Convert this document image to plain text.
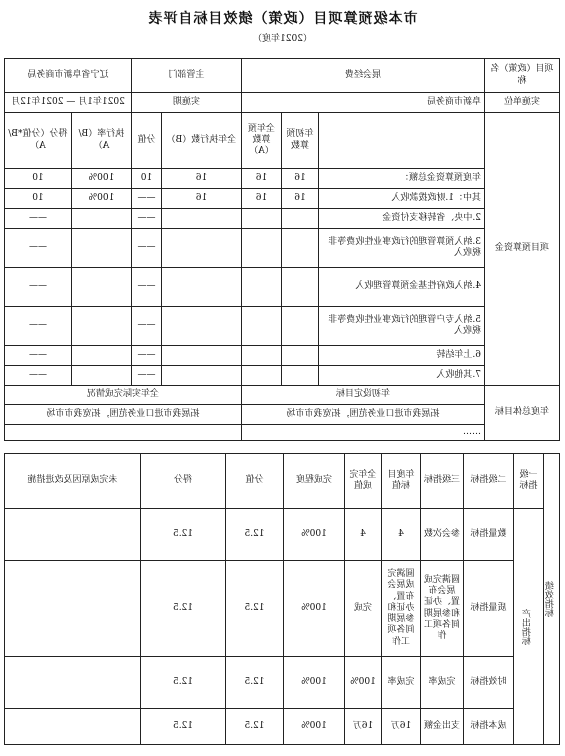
市本级预算项目（政策）绩效目标自评表
（2021年度）
项目（政策）名称	展会经费			主管部门		辽宁省阜新市商务局	
实施单位	阜新市商务局			实施期		2021年1月 — 2021年12月	
项目预算资金		年初预算数	全年预算数（A）	全年执行数（B）	分值	执行率（B/A）	得分（分值*B/A）
	年度预算资金总额：	16	16	16	10	100%	10
	其中：1.财政拨款收入	16	16	16	——	100%	10
	2.中央、省转移支付资金				——		——
	3.纳入预算管理的行政事业性收费等非税收入				——		——
	4.纳入政府性基金预算管理收入				——		——
	5.纳入专户管理的行政事业性收费等非税收入				——		——
	6.上年结转				——		——
	7.其他收入				——		——
年度总体目标	年初设定目标			全年实际完成情况			
	拓展我市进口业务范围，拓宽我市市场			拓展我市进口业务范围，拓宽我市市场			
	……						
绩效指标	一级指标	二级指标	三级指标	年度目标值	全年完成值	完成程度	分值	得分	未完成原因及改进措施
	产出指标	数量指标	参会次数	4	4	100%	12.5	12.5	
		质量指标	圆满完成展会布置、办证和参展期间各项工作	圆满完成展会布置、办证和参展期间各项工作	完成	100%	12.5	12.5	
		时效指标	完成率	完成率	100%	100%	12.5	12.5	
		成本指标	支出金额	16万	16万	100%	12.5	12.5	
